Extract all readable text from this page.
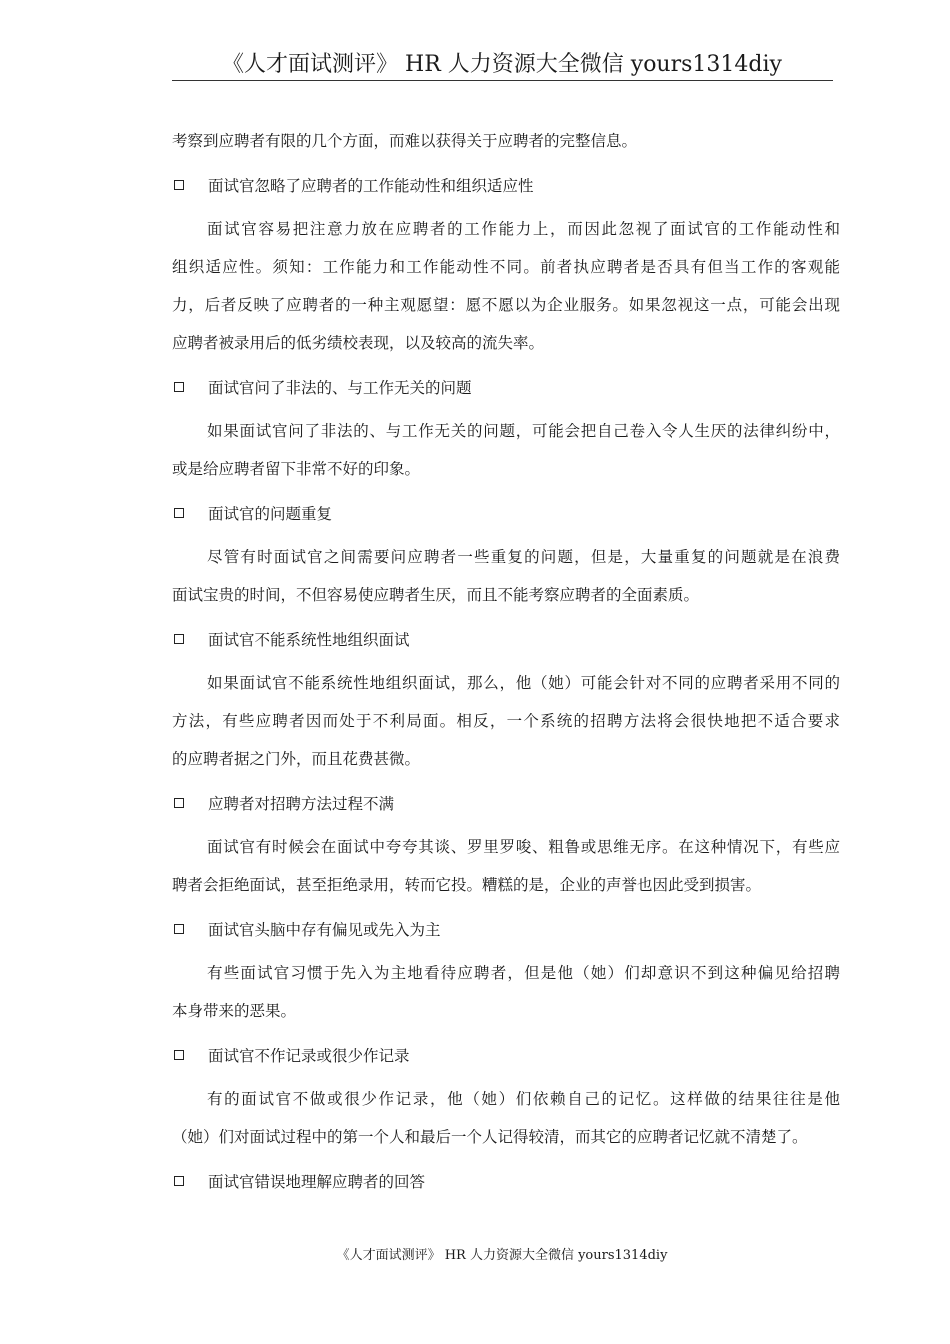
《人才面试测评》 HR 人力资源大全微信 yours1314diy
考察到应聘者有限的几个方面，而难以获得关于应聘者的完整信息。
面试官忽略了应聘者的工作能动性和组织适应性
面试官容易把注意力放在应聘者的工作能力上，而因此忽视了面试官的工作能动性和
组织适应性。须知：工作能力和工作能动性不同。前者执应聘者是否具有但当工作的客观能
力，后者反映了应聘者的一种主观愿望：愿不愿以为企业服务。如果忽视这一点，可能会出现
应聘者被录用后的低劣绩校表现，以及较高的流失率。
面试官问了非法的、与工作无关的问题
如果面试官问了非法的、与工作无关的问题，可能会把自己卷入令人生厌的法律纠纷中，
或是给应聘者留下非常不好的印象。
面试官的问题重复
尽管有时面试官之间需要问应聘者一些重复的问题，但是，大量重复的问题就是在浪费
面试宝贵的时间，不但容易使应聘者生厌，而且不能考察应聘者的全面素质。
面试官不能系统性地组织面试
如果面试官不能系统性地组织面试，那么，他（她）可能会针对不同的应聘者采用不同的
方法，有些应聘者因而处于不利局面。相反，一个系统的招聘方法将会很快地把不适合要求
的应聘者据之门外，而且花费甚微。
应聘者对招聘方法过程不满
面试官有时候会在面试中夸夸其谈、罗里罗唆、粗鲁或思维无序。在这种情况下，有些应
聘者会拒绝面试，甚至拒绝录用，转而它投。糟糕的是，企业的声誉也因此受到损害。
面试官头脑中存有偏见或先入为主
有些面试官习惯于先入为主地看待应聘者，但是他（她）们却意识不到这种偏见给招聘
本身带来的恶果。
面试官不作记录或很少作记录
有的面试官不做或很少作记录，他（她）们依赖自己的记忆。这样做的结果往往是他
（她）们对面试过程中的第一个人和最后一个人记得较清，而其它的应聘者记忆就不清楚了。
面试官错误地理解应聘者的回答
《人才面试测评》 HR 人力资源大全微信 yours1314diy
